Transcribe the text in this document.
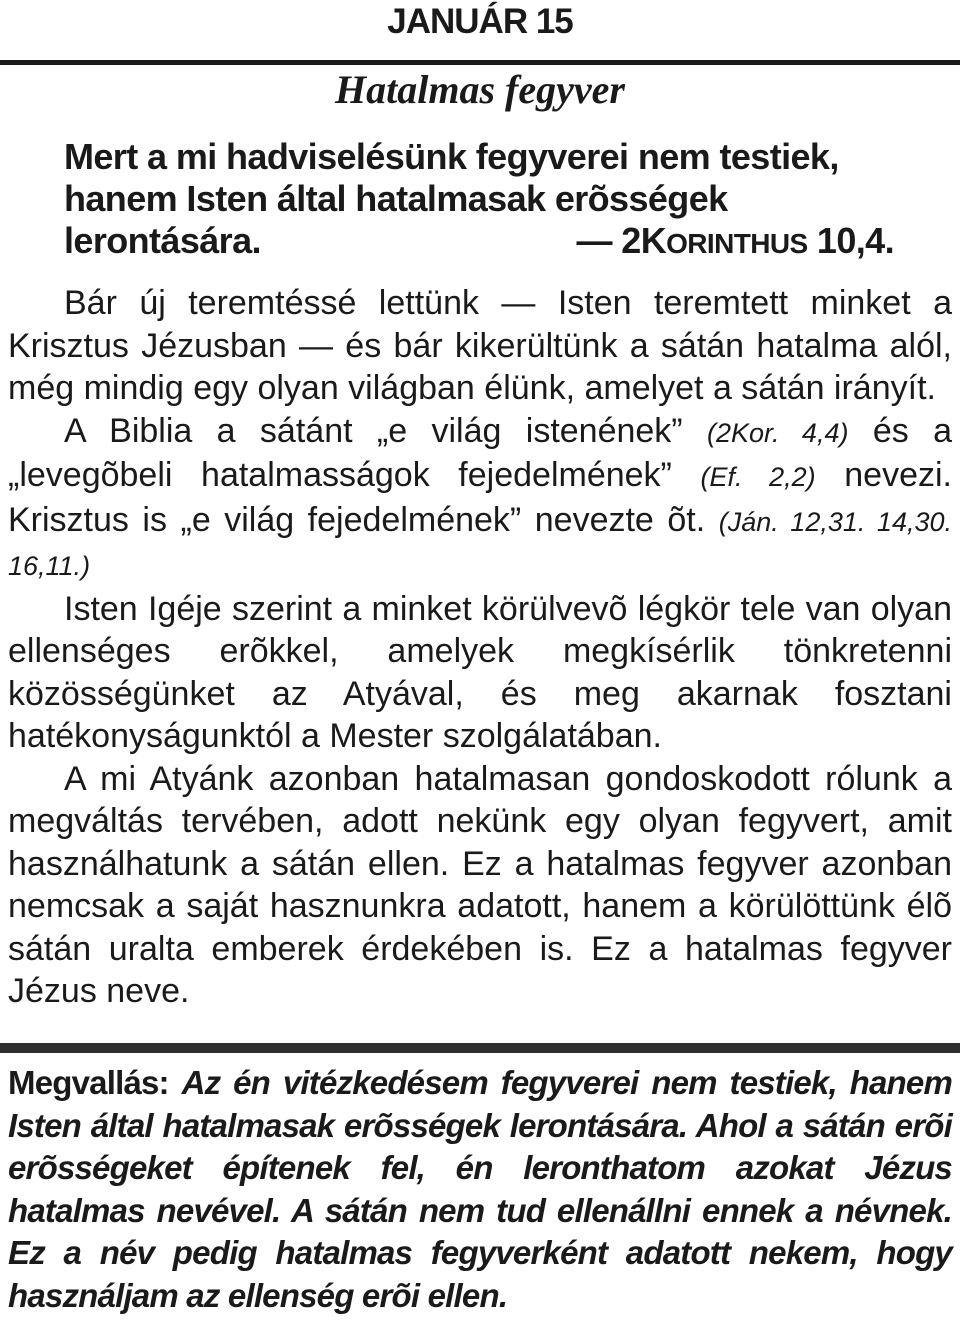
JANUÁR 15
Hatalmas fegyver

Mert a mi hadviselésünk fegyverei nem testiek, hanem Isten által hatalmasak erõsségek lerontására.	— 2KORINTHUS 10,4.

Bár új teremtéssé lettünk — Isten teremtett minket a Krisztus Jézusban — és bár kikerültünk a sátán hatalma alól, még mindig egy olyan világban élünk, amelyet a sátán irányít.

A Biblia a sátánt „e világ istenének” (2Kor. 4,4) és a „levegõbeli hatalmasságok fejedelmének” (Ef. 2,2) nevezi. Krisztus is „e világ fejedelmének” nevezte õt. (Ján. 12,31. 14,30. 16,11.)

Isten Igéje szerint a minket körülvevõ légkör tele van olyan ellenséges erõkkel, amelyek megkísérlik tönkretenni közösségünket az Atyával, és meg akarnak fosztani hatékonyságunktól a Mester szolgálatában.

A mi Atyánk azonban hatalmasan gondoskodott rólunk a megváltás tervében, adott nekünk egy olyan fegyvert, amit használhatunk a sátán ellen. Ez a hatalmas fegyver azonban nemcsak a saját hasznunkra adatott, hanem a körülöttünk élõ sátán uralta emberek érdekében is. Ez a hatalmas fegyver Jézus neve.

Megvallás: Az én vitézkedésem fegyverei nem testiek, hanem Isten által hatalmasak erõsségek lerontására. Ahol a sátán erõi erõsségeket építenek fel, én leronthatom azokat Jézus hatalmas nevével. A sátán nem tud ellenállni ennek a névnek. Ez a név pedig hatalmas fegyverként adatott nekem, hogy használjam az ellenség erõi ellen.
